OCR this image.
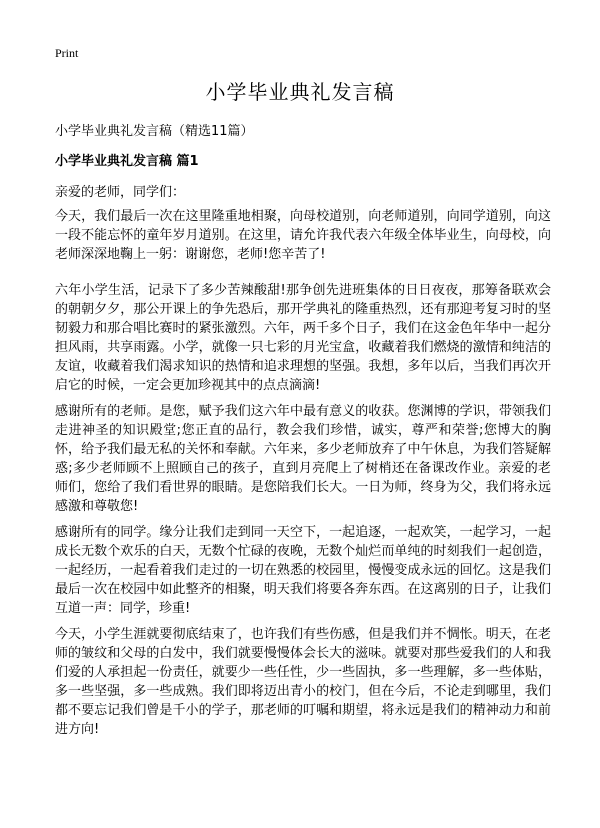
Print
小学毕业典礼发言稿

小学毕业典礼发言稿（精选11篇）

小学毕业典礼发言稿 篇1

亲爱的老师，同学们：

今天，我们最后一次在这里隆重地相聚，向母校道别，向老师道别，向同学道别，向这一段不能忘怀的童年岁月道别。在这里，请允许我代表六年级全体毕业生，向母校，向老师深深地鞠上一躬：谢谢您，老师!您辛苦了!

六年小学生活，记录下了多少苦辣酸甜!那争创先进班集体的日日夜夜，那筹备联欢会的朝朝夕夕，那公开课上的争先恐后，那开学典礼的隆重热烈，还有那迎考复习时的坚韧毅力和那合唱比赛时的紧张激烈。六年，两千多个日子，我们在这金色年华中一起分担风雨，共享雨露。小学，就像一只七彩的月光宝盒，收藏着我们燃烧的激情和纯洁的友谊，收藏着我们渴求知识的热情和追求理想的坚强。我想，多年以后，当我们再次开启它的时候，一定会更加珍视其中的点点滴滴!

感谢所有的老师。是您，赋予我们这六年中最有意义的收获。您渊博的学识，带领我们走进神圣的知识殿堂;您正直的品行，教会我们珍惜，诚实，尊严和荣誉;您博大的胸怀，给予我们最无私的关怀和奉献。六年来，多少老师放弃了中午休息，为我们答疑解惑;多少老师顾不上照顾自己的孩子，直到月亮爬上了树梢还在备课改作业。亲爱的老师们，您给了我们看世界的眼睛。是您陪我们长大。一日为师，终身为父，我们将永远感激和尊敬您!

感谢所有的同学。缘分让我们走到同一天空下，一起追逐，一起欢笑，一起学习，一起成长无数个欢乐的白天，无数个忙碌的夜晚，无数个灿烂而单纯的时刻我们一起创造，一起经历，一起看着我们走过的一切在熟悉的校园里，慢慢变成永远的回忆。这是我们最后一次在校园中如此整齐的相聚，明天我们将要各奔东西。在这离别的日子，让我们互道一声：同学，珍重!

今天，小学生涯就要彻底结束了，也许我们有些伤感，但是我们并不惆怅。明天，在老师的皱纹和父母的白发中，我们就要慢慢体会长大的滋味。就要对那些爱我们的人和我们爱的人承担起一份责任，就要少一些任性，少一些固执，多一些理解，多一些体贴，多一些坚强，多一些成熟。我们即将迈出青小的校门，但在今后，不论走到哪里，我们都不要忘记我们曾是千小的学子，那老师的叮嘱和期望，将永远是我们的精神动力和前进方向!
